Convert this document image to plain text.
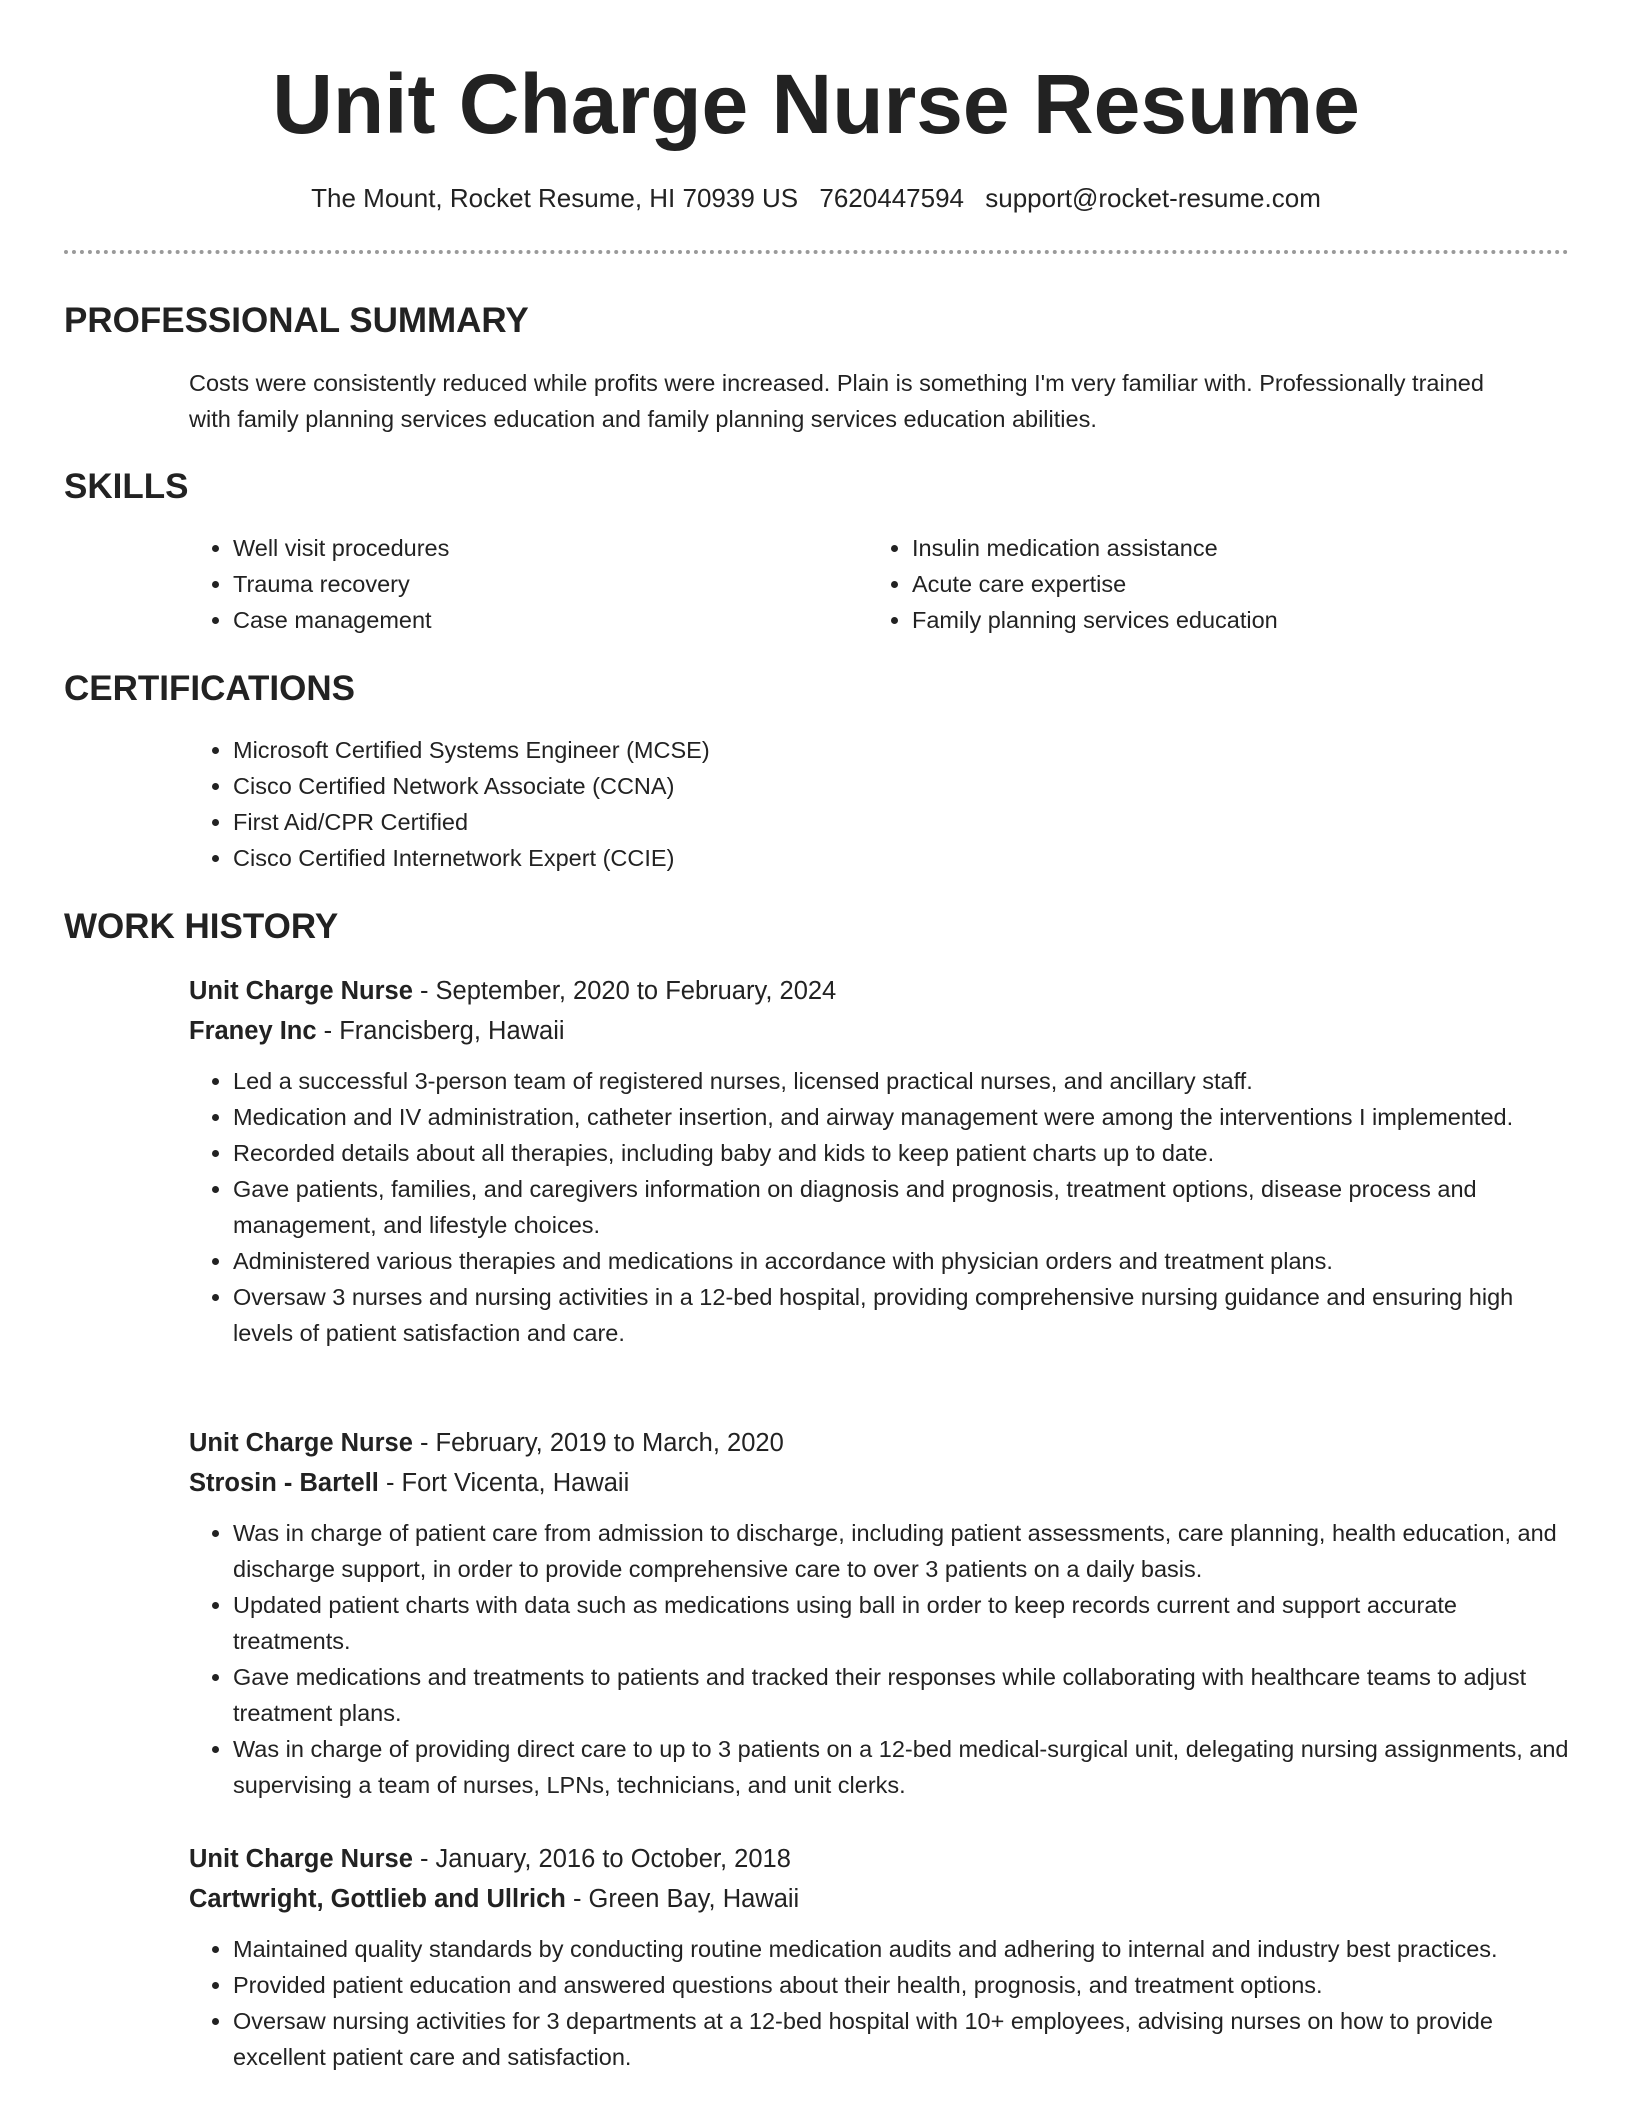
Unit Charge Nurse Resume
The Mount, Rocket Resume, HI 70939 US 7620447594 support@rocket-resume.com
PROFESSIONAL SUMMARY

Costs were consistently reduced while profits were increased. Plain is something I'm very familiar with. Professionally trained with family planning services education and family planning services education abilities.

SKILLS
• Well visit procedures
• Trauma recovery
• Case management
• Insulin medication assistance
• Acute care expertise
• Family planning services education
CERTIFICATIONS
• Microsoft Certified Systems Engineer (MCSE)
• Cisco Certified Network Associate (CCNA)
• First Aid/CPR Certified
• Cisco Certified Internetwork Expert (CCIE)
WORK HISTORY
Unit Charge Nurse - September, 2020 to February, 2024
Franey Inc - Francisberg, Hawaii
• Led a successful 3-person team of registered nurses, licensed practical nurses, and ancillary staff.
• Medication and IV administration, catheter insertion, and airway management were among the interventions I implemented.
• Recorded details about all therapies, including baby and kids to keep patient charts up to date.
• Gave patients, families, and caregivers information on diagnosis and prognosis, treatment options, disease process and management, and lifestyle choices.
• Administered various therapies and medications in accordance with physician orders and treatment plans.
• Oversaw 3 nurses and nursing activities in a 12-bed hospital, providing comprehensive nursing guidance and ensuring high levels of patient satisfaction and care.
Unit Charge Nurse - February, 2019 to March, 2020
Strosin - Bartell - Fort Vicenta, Hawaii
• Was in charge of patient care from admission to discharge, including patient assessments, care planning, health education, and discharge support, in order to provide comprehensive care to over 3 patients on a daily basis.
• Updated patient charts with data such as medications using ball in order to keep records current and support accurate treatments.
• Gave medications and treatments to patients and tracked their responses while collaborating with healthcare teams to adjust treatment plans.
• Was in charge of providing direct care to up to 3 patients on a 12-bed medical-surgical unit, delegating nursing assignments, and supervising a team of nurses, LPNs, technicians, and unit clerks.
Unit Charge Nurse - January, 2016 to October, 2018
Cartwright, Gottlieb and Ullrich - Green Bay, Hawaii
• Maintained quality standards by conducting routine medication audits and adhering to internal and industry best practices.
• Provided patient education and answered questions about their health, prognosis, and treatment options.
• Oversaw nursing activities for 3 departments at a 12-bed hospital with 10+ employees, advising nurses on how to provide excellent patient care and satisfaction.
